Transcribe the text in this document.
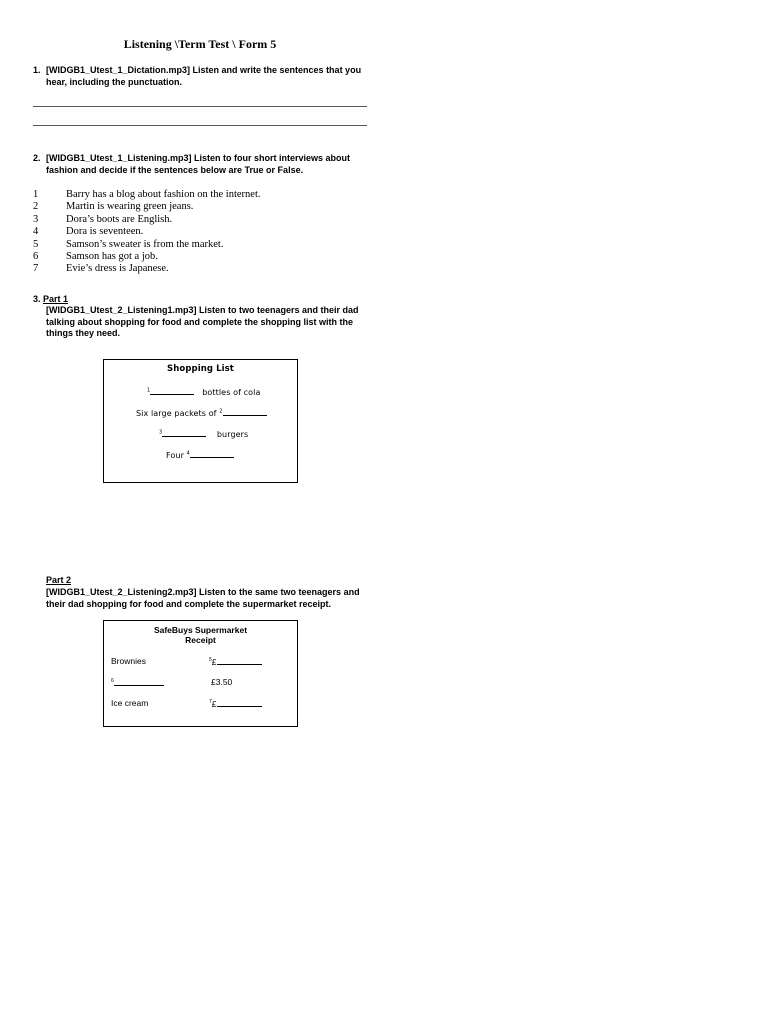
Listening \Term Test \ Form 5
1. [WIDGB1_Utest_1_Dictation.mp3] Listen and write the sentences that you hear, including the punctuation.
2. [WIDGB1_Utest_1_Listening.mp3] Listen to four short interviews about fashion and decide if the sentences below are True or False.
1	Barry has a blog about fashion on the internet.
2	Martin is wearing green jeans.
3	Dora’s boots are English.
4	Dora is seventeen.
5	Samson’s sweater is from the market.
6	Samson has got a job.
7	Evie’s dress is Japanese.
3. Part 1
[WIDGB1_Utest_2_Listening1.mp3] Listen to two teenagers and their dad talking about shopping for food and complete the shopping list with the things they need.
Shopping List
$^1$	bottles of cola
Six large packets of $^2$
$^3$	burgers
Four $^4$
Part 2
[WIDGB1_Utest_2_Listening2.mp3] Listen to the same two teenagers and their dad shopping for food and complete the supermarket receipt.
SafeBuys Supermarket
Receipt
Brownies	$^5$£
$^6$	£3.50
Ice cream	$^7$£
